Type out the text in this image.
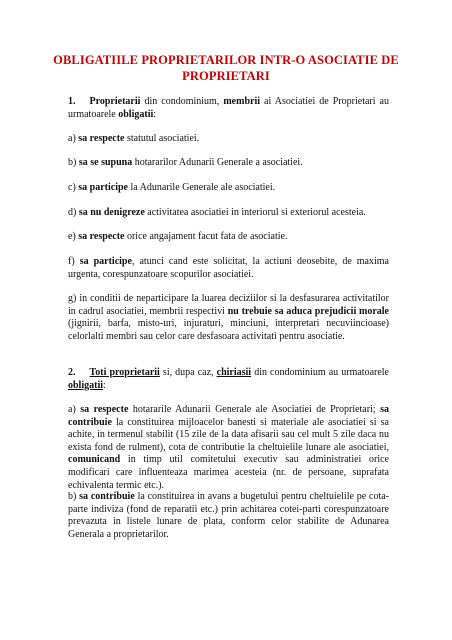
OBLIGATIILE PROPRIETARILOR INTR-O ASOCIATIE DE PROPRIETARI

1. Proprietarii din condominium, membrii ai Asociatiei de Proprietari au urmatoarele obligatii:

a) sa respecte statutul asociatiei.

b) sa se supuna hotararilor Adunarii Generale a asociatiei.

c) sa participe la Adunarile Generale ale asociatiei.

d) sa nu denigreze activitatea asociatiei in interiorul si exteriorul acesteia.

e) sa respecte orice angajament facut fata de asociatie.

f) sa participe, atunci cand este solicitat, la actiuni deosebite, de maxima urgenta, corespunzatoare scopurilor asociatiei.

g) in conditii de neparticipare la luarea deciziilor si la desfasurarea activitatilor in cadrul asociatiei, membrii respectivi nu trebuie sa aduca prejudicii morale (jignirii, barfa, misto-uri, injuraturi, minciuni, interpretari necuviincioase) celorlalti membri sau celor care desfasoara activitati pentru asociatie.

2. Toti proprietarii si, dupa caz, chiriasii din condominium au urmatoarele obligatii:

a) sa respecte hotararile Adunarii Generale ale Asociatiei de Proprietari; sa contribuie la constituirea mijloacelor banesti si materiale ale asociatiei si sa achite, in termenul stabilit (15 zile de la data afisarii sau cel mult 5 zile daca nu exista fond de rulment), cota de contributie la cheltuielile lunare ale asociatiei, comunicand in timp util comitetului executiv sau administratiei orice modificari care influenteaza marimea acesteia (nr. de persoane, suprafata echivalenta termic etc.).

b) sa contribuie la constituirea in avans a bugetului pentru cheltuielile pe cota-parte indiviza (fond de reparatii etc.) prin achitarea cotei-parti corespunzatoare prevazuta in listele lunare de plata, conform celor stabilite de Adunarea Generala a proprietarilor.
